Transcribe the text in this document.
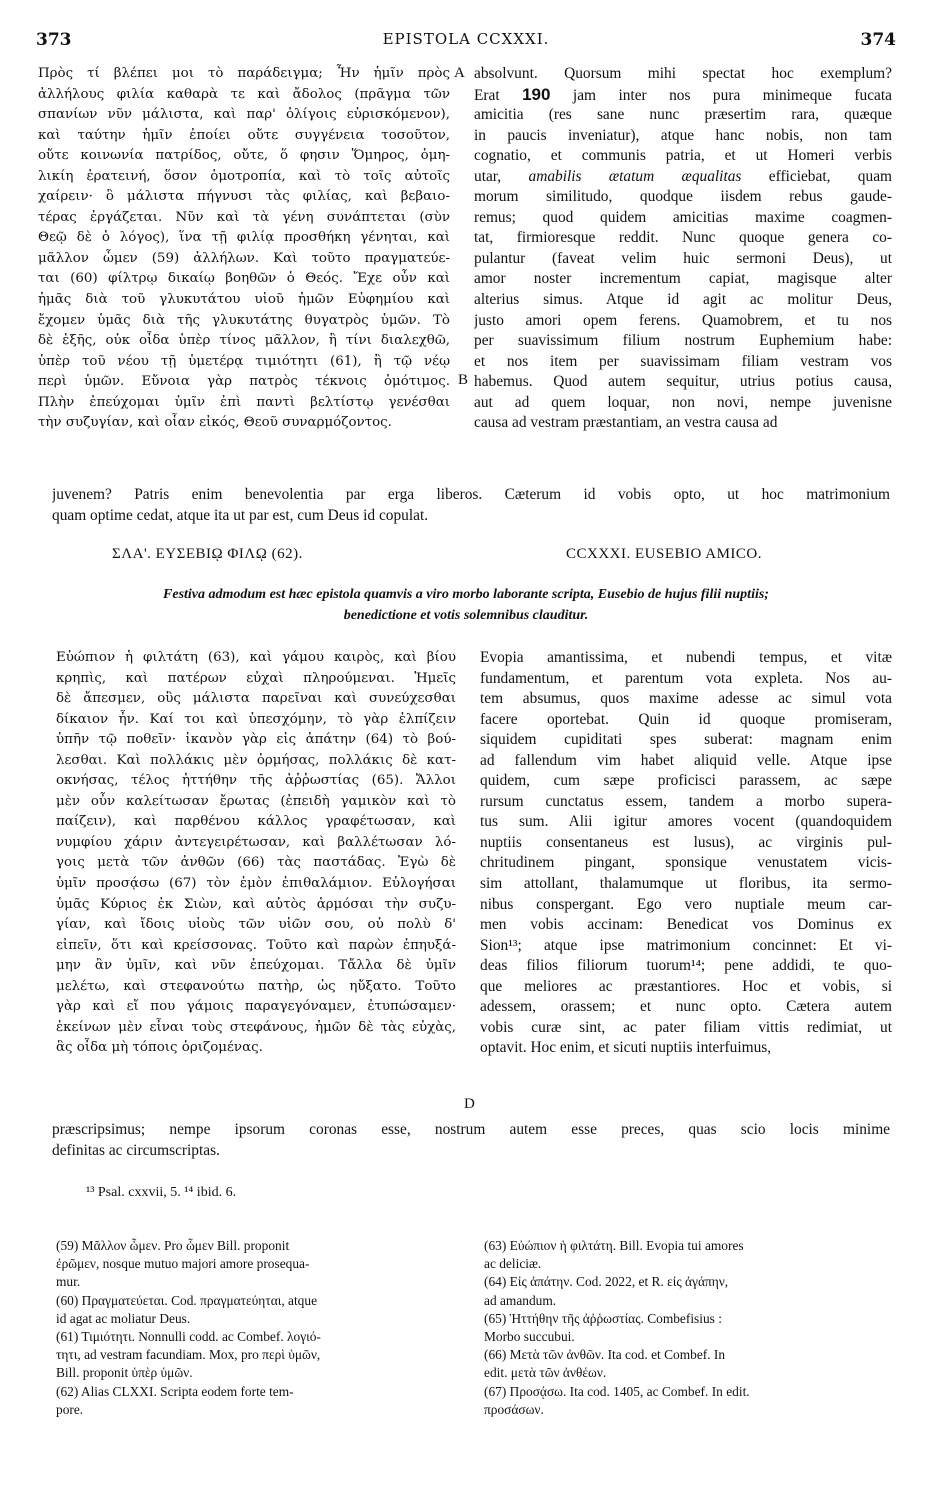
373	EPISTOLA CCXXXI.	374
Πρὸς τί βλέπει μοι τὸ παράδειγμα; Ἦν ἡμῖν πρὸς
ἀλλήλους φιλία καθαρὰ τε καὶ ἄδολος (πρᾶγμα τῶν
σπανίων νῦν μάλιστα, καὶ παρ' ὀλίγοις εὑρισκόμενον),
καὶ ταύτην ἡμῖν ἐποίει οὔτε συγγένεια τοσοῦτον,
οὔτε κοινωνία πατρίδος, οὔτε, ὅ φησιν Ὅμηρος, ὁμη-
λικίη ἐρατεινή, ὅσον ὁμοτροπία, καὶ τὸ τοῖς αὐτοῖς
χαίρειν· ὃ μάλιστα πήγνυσι τὰς φιλίας, καὶ βεβαιο-
τέρας ἐργάζεται. Νῦν καὶ τὰ γένη συνάπτεται (σὺν
Θεῷ δὲ ὁ λόγος), ἵνα τῇ φιλίᾳ προσθήκη γένηται, καὶ
μᾶλλον ὦμεν (59) ἀλλήλων. Καὶ τοῦτο πραγματεύε-
ται (60) φίλτρῳ δικαίῳ βοηθῶν ὁ Θεός. Ἔχε οὖν καὶ
ἡμᾶς διὰ τοῦ γλυκυτάτου υἱοῦ ἡμῶν Εὐφημίου καὶ
ἔχομεν ὑμᾶς διὰ τῆς γλυκυτάτης θυγατρὸς ὑμῶν. Τὸ
δὲ ἑξῆς, οὐκ οἶδα ὑπὲρ τίνος μᾶλλον, ἢ τίνι διαλεχθῶ,
ὑπὲρ τοῦ νέου τῇ ὑμετέρᾳ τιμιότητι (61), ἢ τῷ νέῳ
περὶ ὑμῶν. Εὔνοια γὰρ πατρὸς τέκνοις ὁμότιμος.
Πλὴν ἐπεύχομαι ὑμῖν ἐπὶ παντὶ βελτίστῳ γενέσθαι
τὴν συζυγίαν, καὶ οἷαν εἰκός, Θεοῦ συναρμόζοντος.
absolvunt. Quorsum mihi spectat hoc exemplum?
Erat 190 jam inter nos pura minimeque fucata
amicitia (res sane nunc præsertim rara, quæque
in paucis inveniatur), atque hanc nobis, non tam
cognatio, et communis patria, et ut Homeri verbis
utar, amabilis ætatum æqualitas efficiebat, quam
morum similitudo, quodque iisdem rebus gaude-
remus; quod quidem amicitias maxime coagmen-
tat, firmioresque reddit. Nunc quoque genera co-
pulantur (faveat velim huic sermoni Deus), ut
amor noster incrementum capiat, magisque alter
alterius simus. Atque id agit ac molitur Deus,
justo amori opem ferens. Quamobrem, et tu nos
per suavissimum filium nostrum Euphemium habe:
et nos item per suavissimam filiam vestram vos
habemus. Quod autem sequitur, utrius potius causa,
aut ad quem loquar, non novi, nempe juvenisne
causa ad vestram præstantiam, an vestra causa ad
A
B
juvenem? Patris enim benevolentia par erga liberos. Cæterum id vobis opto, ut hoc matrimonium
quam optime cedat, atque ita ut par est, cum Deus id copulat.
ΣΛΑ'. ΕΥΣΕΒΙῼ ΦΙΛῼ (62).	CCXXXI. EUSEBIO AMICO.
Festiva admodum est hæc epistola quamvis a viro morbo laborante scripta, Eusebio de hujus filii nuptiis;
benedictione et votis solemnibus clauditur.
Εὐώπιον ἡ φιλτάτη (63), καὶ γάμου καιρὸς, καὶ βίου
κρηπὶς, καὶ πατέρων εὐχαὶ πληρούμεναι. Ἡμεῖς
δὲ ἄπεσμεν, οὓς μάλιστα παρεῖναι καὶ συνεύχεσθαι
δίκαιον ἦν. Καί τοι καὶ ὑπεσχόμην, τὸ γὰρ ἐλπίζειν
ὑπῆν τῷ ποθεῖν· ἱκανὸν γὰρ εἰς ἀπάτην (64) τὸ βού-
λεσθαι. Καὶ πολλάκις μὲν ὁρμήσας, πολλάκις δὲ κατ-
οκνήσας, τέλος ἡττήθην τῆς ἀῤῥωστίας (65). Ἄλλοι
μὲν οὖν καλείτωσαν ἔρωτας (ἐπειδὴ γαμικὸν καὶ τὸ
παίζειν), καὶ παρθένου κάλλος γραφέτωσαν, καὶ
νυμφίου χάριν ἀντεγειρέτωσαν, καὶ βαλλέτωσαν λό-
γοις μετὰ τῶν ἀνθῶν (66) τὰς παστάδας. Ἐγὼ δὲ
ὑμῖν προσᾴσω (67) τὸν ἐμὸν ἐπιθαλάμιον. Εὐλογήσαι
ὑμᾶς Κύριος ἐκ Σιὼν, καὶ αὐτὸς ἁρμόσαι τὴν συζυ-
γίαν, καὶ ἴδοις υἱοὺς τῶν υἱῶν σου, οὐ πολὺ δ'
εἰπεῖν, ὅτι καὶ κρείσσονας. Τοῦτο καὶ παρὼν ἐπηυξά-
μην ἂν ὑμῖν, καὶ νῦν ἐπεύχομαι. Τἄλλα δὲ ὑμῖν
μελέτω, καὶ στεφανούτω πατὴρ, ὡς ηὔξατο. Τοῦτο
γὰρ καὶ εἴ που γάμοις παραγεγόναμεν, ἐτυπώσαμεν·
ἐκείνων μὲν εἶναι τοὺς στεφάνους, ἡμῶν δὲ τὰς εὐχὰς,
ἃς οἶδα μὴ τόποις ὁριζομένας.
Evopia amantissima, et nubendi tempus, et vitæ
fundamentum, et parentum vota expleta. Nos au-
tem absumus, quos maxime adesse ac simul vota
facere oportebat. Quin id quoque promiseram,
siquidem cupiditati spes suberat: magnam enim
ad fallendum vim habet aliquid velle. Atque ipse
quidem, cum sæpe proficisci parassem, ac sæpe
rursum cunctatus essem, tandem a morbo supera-
tus sum. Alii igitur amores vocent (quandoquidem
nuptiis consentaneus est lusus), ac virginis pul-
chritudinem pingant, sponsique venustatem vicis-
sim attollant, thalamumque ut floribus, ita sermo-
nibus conspergant. Ego vero nuptiale meum car-
men vobis accinam: Benedicat vos Dominus ex
Sion¹³; atque ipse matrimonium concinnet: Et vi-
deas filios filiorum tuorum¹⁴; pene addidi, te quo-
que meliores ac præstantiores. Hoc et vobis, si
adessem, orassem; et nunc opto. Cætera autem
vobis curæ sint, ac pater filiam vittis redimiat, ut
optavit. Hoc enim, et sicuti nuptiis interfuimus,
D
præscripsimus; nempe ipsorum coronas esse, nostrum autem esse preces, quas scio locis minime
definitas ac circumscriptas.
¹³ Psal. cxxvii, 5. ¹⁴ ibid. 6.
(59) Μᾶλλον ὦμεν. Pro ὦμεν Bill. proponit
ἐρῶμεν, nosque mutuo majori amore prosequa-
mur.
(60) Πραγματεύεται. Cod. πραγματεύηται, atque
id agat ac moliatur Deus.
(61) Τιμιότητι. Nonnulli codd. ac Combef. λογιό-
τητι, ad vestram facundiam. Mox, pro περὶ ὑμῶν,
Bill. proponit ὑπὲρ ὑμῶν.
(62) Alias CLXXI. Scripta eodem forte tem-
pore.
(63) Εὐώπιον ἡ φιλτάτη. Bill. Evopia tui amores
ac deliciæ.
(64) Εἰς ἀπάτην. Cod. 2022, et R. εἰς ἀγάπην,
ad amandum.
(65) Ἡττήθην τῆς ἀῤῥωστίας. Combefisius :
Morbo succubui.
(66) Μετὰ τῶν ἀνθῶν. Ita cod. et Combef. In
edit. μετὰ τῶν ἀνθέων.
(67) Προσᾴσω. Ita cod. 1405, ac Combef. In edit.
προσάσων.
